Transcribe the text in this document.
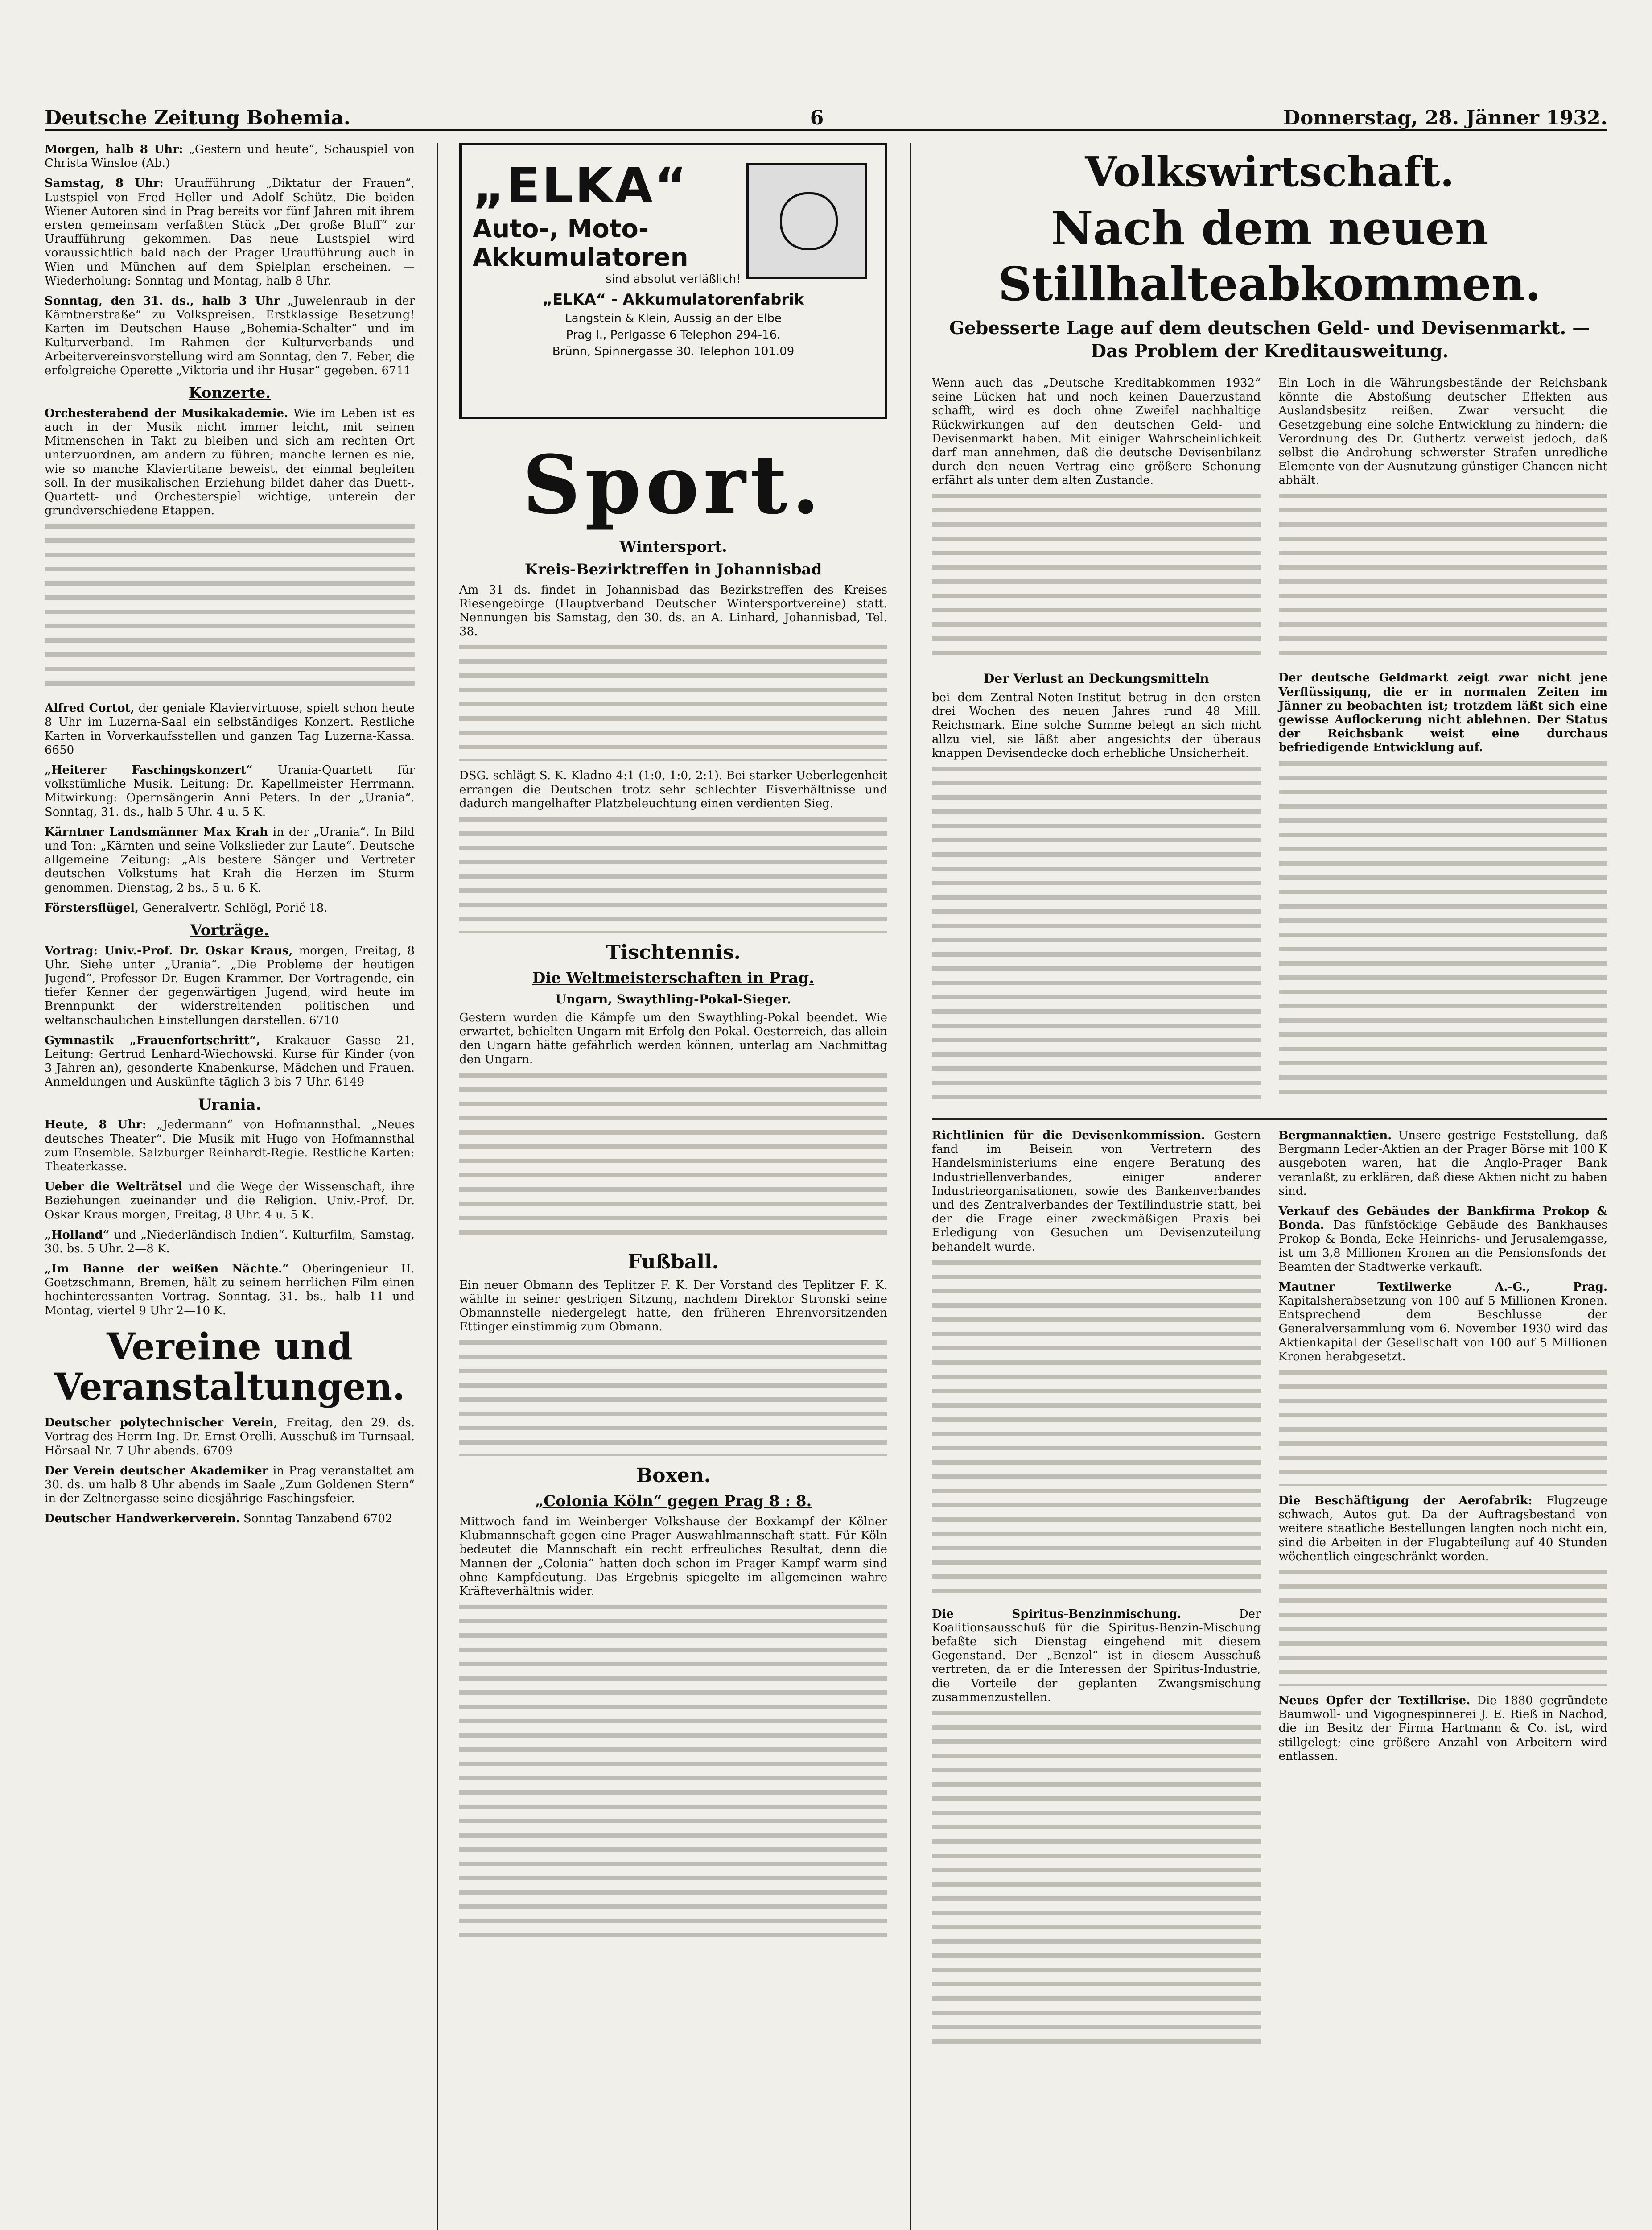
Deutsche Zeitung Bohemia.	6	Donnerstag, 28. Jänner 1932.

Morgen, halb 8 Uhr: „Gestern und heute“, Schauspiel von Christa Winsloe (Ab.)

Samstag, 8 Uhr: Uraufführung „Diktatur der Frauen“, Lustspiel von Fred Heller und Adolf Schütz. Die beiden Wiener Autoren sind in Prag bereits vor fünf Jahren mit ihrem ersten gemeinsam verfaßten Stück „Der große Bluff“ zur Uraufführung gekommen. Das neue Lustspiel wird voraussichtlich bald nach der Prager Uraufführung auch in Wien und München auf dem Spielplan erscheinen. — Wiederholung: Sonntag und Montag, halb 8 Uhr.

Sonntag, den 31. ds., halb 3 Uhr „Juwelenraub in der Kärntnerstraße“ zu Volkspreisen. Erstklassige Besetzung! Karten im Deutschen Hause „Bohemia-Schalter“ und im Kulturverband. Im Rahmen der Kulturverbands- und Arbeitervereinsvorstellung wird am Sonntag, den 7. Feber, die erfolgreiche Operette „Viktoria und ihr Husar“ gegeben. 6711

Konzerte.

Orchesterabend der Musikakademie. Wie im Leben ist es auch in der Musik nicht immer leicht, mit seinen Mitmenschen in Takt zu bleiben und sich am rechten Ort unterzuordnen, am andern zu führen; manche lernen es nie, wie so manche Klaviertitane beweist, der einmal begleiten soll. In der musikalischen Erziehung bildet daher das Duett-, Quartett- und Orchesterspiel wichtige, unterein der grundverschiedene Etappen.

Alfred Cortot, der geniale Klaviervirtuose, spielt schon heute 8 Uhr im Luzerna-Saal ein selbständiges Konzert. Restliche Karten in Vorverkaufsstellen und ganzen Tag Luzerna-Kassa. 6650

„Heiterer Faschingskonzert“ Urania-Quartett für volkstümliche Musik. Leitung: Dr. Kapellmeister Herrmann. Mitwirkung: Opernsängerin Anni Peters. In der „Urania“. Sonntag, 31. ds., halb 5 Uhr. 4 u. 5 K.

Kärntner Landsmänner Max Krah in der „Urania“. In Bild und Ton: „Kärnten und seine Volkslieder zur Laute“. Deutsche allgemeine Zeitung: „Als bestere Sänger und Vertreter deutschen Volkstums hat Krah die Herzen im Sturm genommen. Dienstag, 2 bs., 5 u. 6 K.

Förstersflügel, Generalvertr. Schlögl, Porič 18.

Vorträge.

Vortrag: Univ.-Prof. Dr. Oskar Kraus, morgen, Freitag, 8 Uhr. Siehe unter „Urania“. „Die Probleme der heutigen Jugend“, Professor Dr. Eugen Krammer. Der Vortragende, ein tiefer Kenner der gegenwärtigen Jugend, wird heute im Brennpunkt der widerstreitenden politischen und weltanschaulichen Einstellungen darstellen. 6710

Gymnastik „Frauenfortschritt“, Krakauer Gasse 21, Leitung: Gertrud Lenhard-Wiechowski. Kurse für Kinder (von 3 Jahren an), gesonderte Knabenkurse, Mädchen und Frauen. Anmeldungen und Auskünfte täglich 3 bis 7 Uhr. 6149

Urania.

Heute, 8 Uhr: „Jedermann“ von Hofmannsthal. „Neues deutsches Theater“. Die Musik mit Hugo von Hofmannsthal zum Ensemble. Salzburger Reinhardt-Regie. Restliche Karten: Theaterkasse.

Ueber die Welträtsel und die Wege der Wissenschaft, ihre Beziehungen zueinander und die Religion. Univ.-Prof. Dr. Oskar Kraus morgen, Freitag, 8 Uhr. 4 u. 5 K.

„Holland“ und „Niederländisch Indien“. Kulturfilm, Samstag, 30. bs. 5 Uhr. 2—8 K.

„Im Banne der weißen Nächte.“ Oberingenieur H. Goetzschmann, Bremen, hält zu seinem herrlichen Film einen hochinteressanten Vortrag. Sonntag, 31. bs., halb 11 und Montag, viertel 9 Uhr 2—10 K.

Vereine und Veranstaltungen.

Deutscher polytechnischer Verein, Freitag, den 29. ds. Vortrag des Herrn Ing. Dr. Ernst Orelli. Ausschuß im Turnsaal. Hörsaal Nr. 7 Uhr abends. 6709

Der Verein deutscher Akademiker in Prag veranstaltet am 30. ds. um halb 8 Uhr abends im Saale „Zum Goldenen Stern“ in der Zeltnergasse seine diesjährige Faschingsfeier.

Deutscher Handwerkerverein. Sonntag Tanzabend 6702

„ELKA“
Auto-, Moto-
Akkumulatoren
sind absolut verläßlich!
„ELKA“ - Akkumulatorenfabrik
Langstein & Klein, Aussig an der Elbe
Prag I., Perlgasse 6 Telephon 294-16.
Brünn, Spinnergasse 30. Telephon 101.09
Sport.
Wintersport.
Kreis-Bezirktreffen in Johannisbad

Am 31 ds. findet in Johannisbad das Bezirkstreffen des Kreises Riesengebirge (Hauptverband Deutscher Wintersportvereine) statt. Nennungen bis Samstag, den 30. ds. an A. Linhard, Johannisbad, Tel. 38.

DSG. schlägt S. K. Kladno 4:1 (1:0, 1:0, 2:1). Bei starker Ueberlegenheit errangen die Deutschen trotz sehr schlechter Eisverhältnisse und dadurch mangelhafter Platzbeleuchtung einen verdienten Sieg.

Tischtennis.
Die Weltmeisterschaften in Prag.
Ungarn, Swaythling-Pokal-Sieger.

Gestern wurden die Kämpfe um den Swaythling-Pokal beendet. Wie erwartet, behielten Ungarn mit Erfolg den Pokal. Oesterreich, das allein den Ungarn hätte gefährlich werden können, unterlag am Nachmittag den Ungarn.

Fußball.

Ein neuer Obmann des Teplitzer F. K. Der Vorstand des Teplitzer F. K. wählte in seiner gestrigen Sitzung, nachdem Direktor Stronski seine Obmannstelle niedergelegt hatte, den früheren Ehrenvorsitzenden Ettinger einstimmig zum Obmann.

Boxen.
„Colonia Köln“ gegen Prag 8 : 8.

Mittwoch fand im Weinberger Volkshause der Boxkampf der Kölner Klubmannschaft gegen eine Prager Auswahlmannschaft statt. Für Köln bedeutet die Mannschaft ein recht erfreuliches Resultat, denn die Mannen der „Colonia“ hatten doch schon im Prager Kampf warm sind ohne Kampfdeutung. Das Ergebnis spiegelte im allgemeinen wahre Kräfteverhältnis wider.

Volkswirtschaft.
Nach dem neuen Stillhalteabkommen.
Gebesserte Lage auf dem deutschen Geld- und Devisenmarkt. — Das Problem der Kreditausweitung.

Wenn auch das „Deutsche Kreditabkommen 1932“ seine Lücken hat und noch keinen Dauerzustand schafft, wird es doch ohne Zweifel nachhaltige Rückwirkungen auf den deutschen Geld- und Devisenmarkt haben. Mit einiger Wahrscheinlichkeit darf man annehmen, daß die deutsche Devisenbilanz durch den neuen Vertrag eine größere Schonung erfährt als unter dem alten Zustande.

Der Verlust an Deckungsmitteln

bei dem Zentral-Noten-Institut betrug in den ersten drei Wochen des neuen Jahres rund 48 Mill. Reichsmark. Eine solche Summe belegt an sich nicht allzu viel, sie läßt aber angesichts der überaus knappen Devisendecke doch erhebliche Unsicherheit.

Ein Loch in die Währungsbestände der Reichsbank könnte die Abstoßung deutscher Effekten aus Auslandsbesitz reißen. Zwar versucht die Gesetzgebung eine solche Entwicklung zu hindern; die Verordnung des Dr. Guthertz verweist jedoch, daß selbst die Androhung schwerster Strafen unredliche Elemente von der Ausnutzung günstiger Chancen nicht abhält.

Der deutsche Geldmarkt zeigt zwar nicht jene Verflüssigung, die er in normalen Zeiten im Jänner zu beobachten ist; trotzdem läßt sich eine gewisse Auflockerung nicht ablehnen. Der Status der Reichsbank weist eine durchaus befriedigende Entwicklung auf.

Richtlinien für die Devisenkommission. Gestern fand im Beisein von Vertretern des Handelsministeriums eine engere Beratung des Industriellenverbandes, einiger anderer Industrieorganisationen, sowie des Bankenverbandes und des Zentralverbandes der Textilindustrie statt, bei der die Frage einer zweckmäßigen Praxis bei Erledigung von Gesuchen um Devisenzuteilung behandelt wurde.

Die Spiritus-Benzinmischung.	Der Koalitionsausschuß für die Spiritus-Benzin-Mischung befaßte sich Dienstag eingehend mit diesem Gegenstand. Der „Benzol“ ist in diesem Ausschuß vertreten, da er die Interessen der Spiritus-Industrie, die Vorteile der geplanten Zwangsmischung zusammenzustellen.

Bergmannaktien. Unsere gestrige Feststellung, daß Bergmann Leder-Aktien an der Prager Börse mit 100 K ausgeboten waren, hat die Anglo-Prager Bank veranlaßt, zu erklären, daß diese Aktien nicht zu haben sind.

Verkauf des Gebäudes der Bankfirma Prokop & Bonda. Das fünfstöckige Gebäude des Bankhauses Prokop & Bonda, Ecke Heinrichs- und Jerusalemgasse, ist um 3,8 Millionen Kronen an die Pensionsfonds der Beamten der Stadtwerke verkauft.

Mautner Textilwerke A.-G., Prag. Kapitalsherabsetzung von 100 auf 5 Millionen Kronen. Entsprechend dem Beschlusse der Generalversammlung vom 6. November 1930 wird das Aktienkapital der Gesellschaft von 100 auf 5 Millionen Kronen herabgesetzt.

Die Beschäftigung der Aerofabrik: Flugzeuge schwach, Autos gut. Da der Auftragsbestand von weitere staatliche Bestellungen langten noch nicht ein, sind die Arbeiten in der Flugabteilung auf 40 Stunden wöchentlich eingeschränkt worden.

Neues Opfer der Textilkrise. Die 1880 gegründete Baumwoll- und Vigognespinnerei J. E. Rieß in Nachod, die im Besitz der Firma Hartmann & Co. ist, wird stillgelegt; eine größere Anzahl von Arbeitern wird entlassen.
